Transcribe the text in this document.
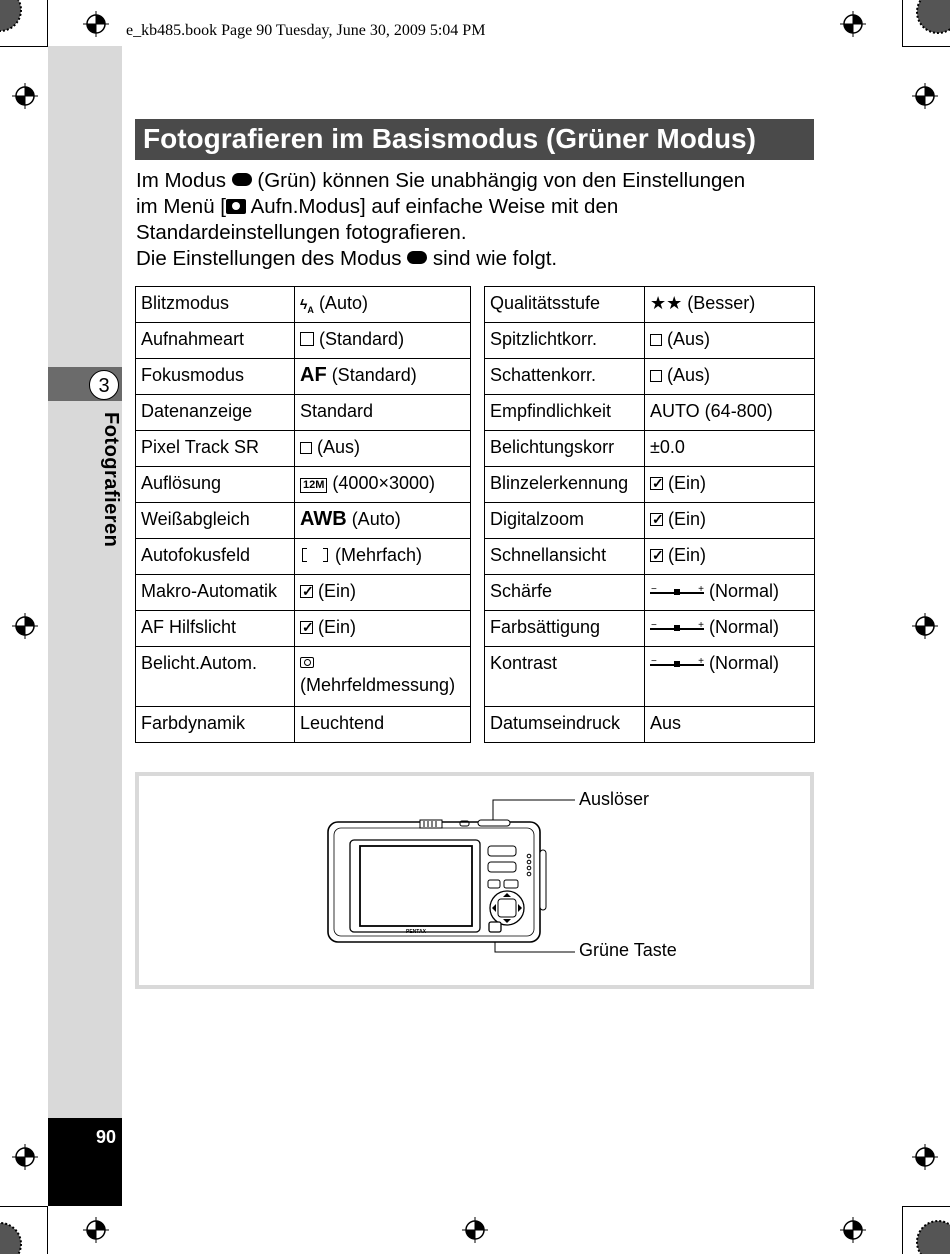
e_kb485.book Page 90 Tuesday, June 30, 2009 5:04 PM
3
Fotografieren
90
Fotografieren im Basismodus (Grüner Modus)

Im Modus  (Grün) können Sie unabhängig von den Einstellungen

im Menü [ Aufn.Modus] auf einfache Weise mit den

Standardeinstellungen fotografieren.

Die Einstellungen des Modus  sind wie folgt.

Blitzmodus	$ϟ_A$ (Auto)
Aufnahmeart	(Standard)
Fokusmodus	AF (Standard)
Datenanzeige	Standard
Pixel Track SR	(Aus)
Auflösung	12M (4000×3000)
Weißabgleich	AWB (Auto)
Autofokusfeld	(Mehrfach)
Makro-Automatik	✓ (Ein)
AF Hilfslicht	✓ (Ein)
Belicht.Autom.	(Mehrfeldmessung)
Farbdynamik	Leuchtend
Qualitätsstufe	★★ (Besser)
Spitzlichtkorr.	(Aus)
Schattenkorr.	(Aus)
Empfindlichkeit	AUTO (64-800)
Belichtungskorr	±0.0
Blinzelerkennung	✓ (Ein)
Digitalzoom	✓ (Ein)
Schnellansicht	✓ (Ein)
Schärfe	− + (Normal)
Farbsättigung	− + (Normal)
Kontrast	− + (Normal)
Datumseindruck	Aus
PENTAX
Auslöser
Grüne Taste
